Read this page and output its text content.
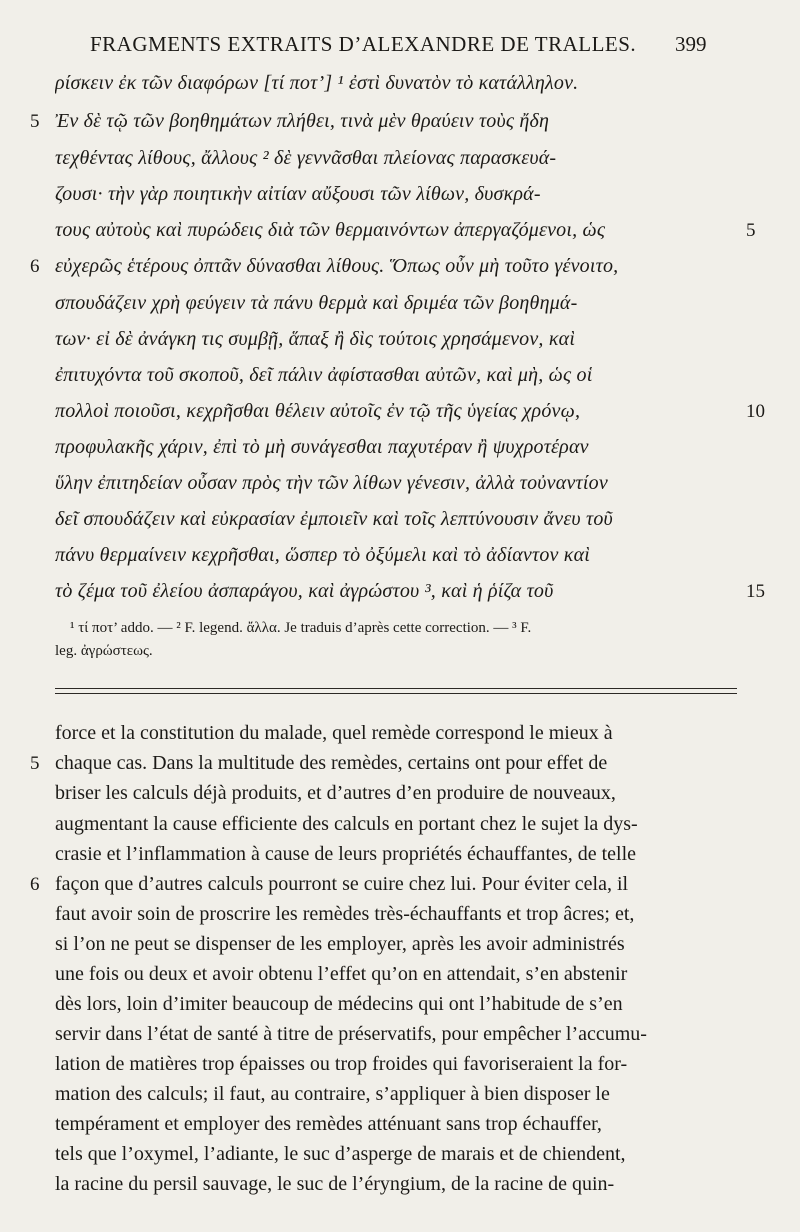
FRAGMENTS EXTRAITS D’ALEXANDRE DE TRALLES. 399
ρίσκειν ἐκ τῶν διαφόρων [τί ποτ’] ¹ ἐστὶ δυνατὸν τὸ κατάλληλον.
Ἐν δὲ τῷ τῶν βοηθημάτων πλήθει, τινὰ μὲν θραύειν τοὺς ἤδη
τεχθέντας λίθους, ἄλλους ² δὲ γεννᾶσθαι πλείονας παρασκευά-
ζουσι· τὴν γὰρ ποιητικὴν αἰτίαν αὔξουσι τῶν λίθων, δυσκρά-
τους αὐτοὺς καὶ πυρώδεις διὰ τῶν θερμαινόντων ἀπεργαζόμενοι, ὡς
εὐχερῶς ἑτέρους ὀπτᾶν δύνασθαι λίθους. Ὅπως οὖν μὴ τοῦτο γένοιτο,
σπουδάζειν χρὴ φεύγειν τὰ πάνυ θερμὰ καὶ δριμέα τῶν βοηθημά-
των· εἰ δὲ ἀνάγκη τις συμβῇ, ἅπαξ ἢ δὶς τούτοις χρησάμενον, καὶ
ἐπιτυχόντα τοῦ σκοποῦ, δεῖ πάλιν ἀφίστασθαι αὐτῶν, καὶ μὴ, ὡς οἱ
πολλοὶ ποιοῦσι, κεχρῆσθαι θέλειν αὐτοῖς ἐν τῷ τῆς ὑγείας χρόνῳ,
προφυλακῆς χάριν, ἐπὶ τὸ μὴ συνάγεσθαι παχυτέραν ἢ ψυχροτέραν
ὕλην ἐπιτηδείαν οὖσαν πρὸς τὴν τῶν λίθων γένεσιν, ἀλλὰ τοὐναντίον
δεῖ σπουδάζειν καὶ εὐκρασίαν ἐμποιεῖν καὶ τοῖς λεπτύνουσιν ἄνευ τοῦ
πάνυ θερμαίνειν κεχρῆσθαι, ὥσπερ τὸ ὀξύμελι καὶ τὸ ἀδίαντον καὶ
τὸ ζέμα τοῦ ἐλείου ἀσπαράγου, καὶ ἀγρώστου ³, καὶ ἡ ῥίζα τοῦ
5
6
5
10
15
¹ τί ποτ’ addo. — ² F. legend. ἄλλα. Je traduis d’après cette correction. — ³ F.
leg. ἀγρώστεως.
force et la constitution du malade, quel remède correspond le mieux à
chaque cas. Dans la multitude des remèdes, certains ont pour effet de
briser les calculs déjà produits, et d’autres d’en produire de nouveaux,
augmentant la cause efficiente des calculs en portant chez le sujet la dys-
crasie et l’inflammation à cause de leurs propriétés échauffantes, de telle
façon que d’autres calculs pourront se cuire chez lui. Pour éviter cela, il
faut avoir soin de proscrire les remèdes très-échauffants et trop âcres; et,
si l’on ne peut se dispenser de les employer, après les avoir administrés
une fois ou deux et avoir obtenu l’effet qu’on en attendait, s’en abstenir
dès lors, loin d’imiter beaucoup de médecins qui ont l’habitude de s’en
servir dans l’état de santé à titre de préservatifs, pour empêcher l’accumu-
lation de matières trop épaisses ou trop froides qui favoriseraient la for-
mation des calculs; il faut, au contraire, s’appliquer à bien disposer le
tempérament et employer des remèdes atténuant sans trop échauffer,
tels que l’oxymel, l’adiante, le suc d’asperge de marais et de chiendent,
la racine du persil sauvage, le suc de l’éryngium, de la racine de quin-
5
6
